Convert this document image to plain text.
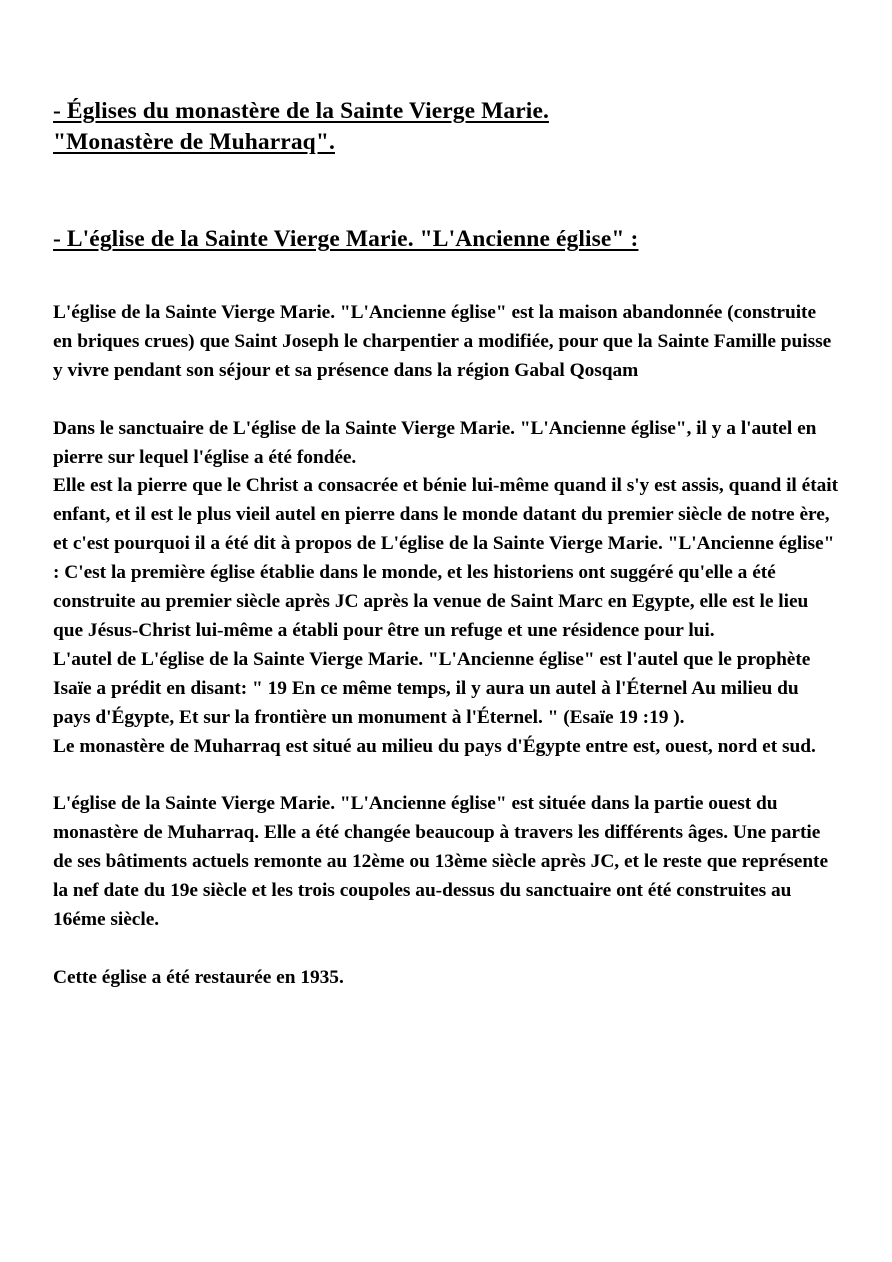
- Églises du monastère de la Sainte Vierge Marie.
"Monastère de Muharraq".
- L'église de la Sainte Vierge Marie. "L'Ancienne église" :

L'église de la Sainte Vierge Marie. "L'Ancienne église" est la maison abandonnée (construite en briques crues) que Saint Joseph le charpentier a modifiée, pour que la Sainte Famille puisse y vivre pendant son séjour et sa présence dans la région Gabal Qosqam

Dans le sanctuaire de L'église de la Sainte Vierge Marie. "L'Ancienne église", il y a l'autel en pierre sur lequel l'église a été fondée.

Elle est la pierre que le Christ a consacrée et bénie lui-même quand il s'y est assis, quand il était enfant, et il est le plus vieil autel en pierre dans le monde datant du premier siècle de notre ère, et c'est pourquoi il a été dit à propos de L'église de la Sainte Vierge Marie. "L'Ancienne église" : C'est la première église établie dans le monde, et les historiens ont suggéré qu'elle a été construite au premier siècle après JC après la venue de Saint Marc en Egypte, elle est le lieu que Jésus-Christ lui-même a établi pour être un refuge et une résidence pour lui.

L'autel de L'église de la Sainte Vierge Marie. "L'Ancienne église" est l'autel que le prophète Isaïe a prédit en disant: " 19 En ce même temps, il y aura un autel à l'Éternel Au milieu du pays d'Égypte, Et sur la frontière un monument à l'Éternel. " (Esaïe 19 :19 ).

Le monastère de Muharraq est situé au milieu du pays d'Égypte entre est, ouest, nord et sud.

L'église de la Sainte Vierge Marie. "L'Ancienne église" est située dans la partie ouest du monastère de Muharraq. Elle a été changée beaucoup à travers les différents âges. Une partie de ses bâtiments actuels remonte au 12ème ou 13ème siècle après JC, et le reste que représente la nef date du 19e siècle et les trois coupoles au-dessus du sanctuaire ont été construites au 16éme siècle.

Cette église a été restaurée en 1935.
